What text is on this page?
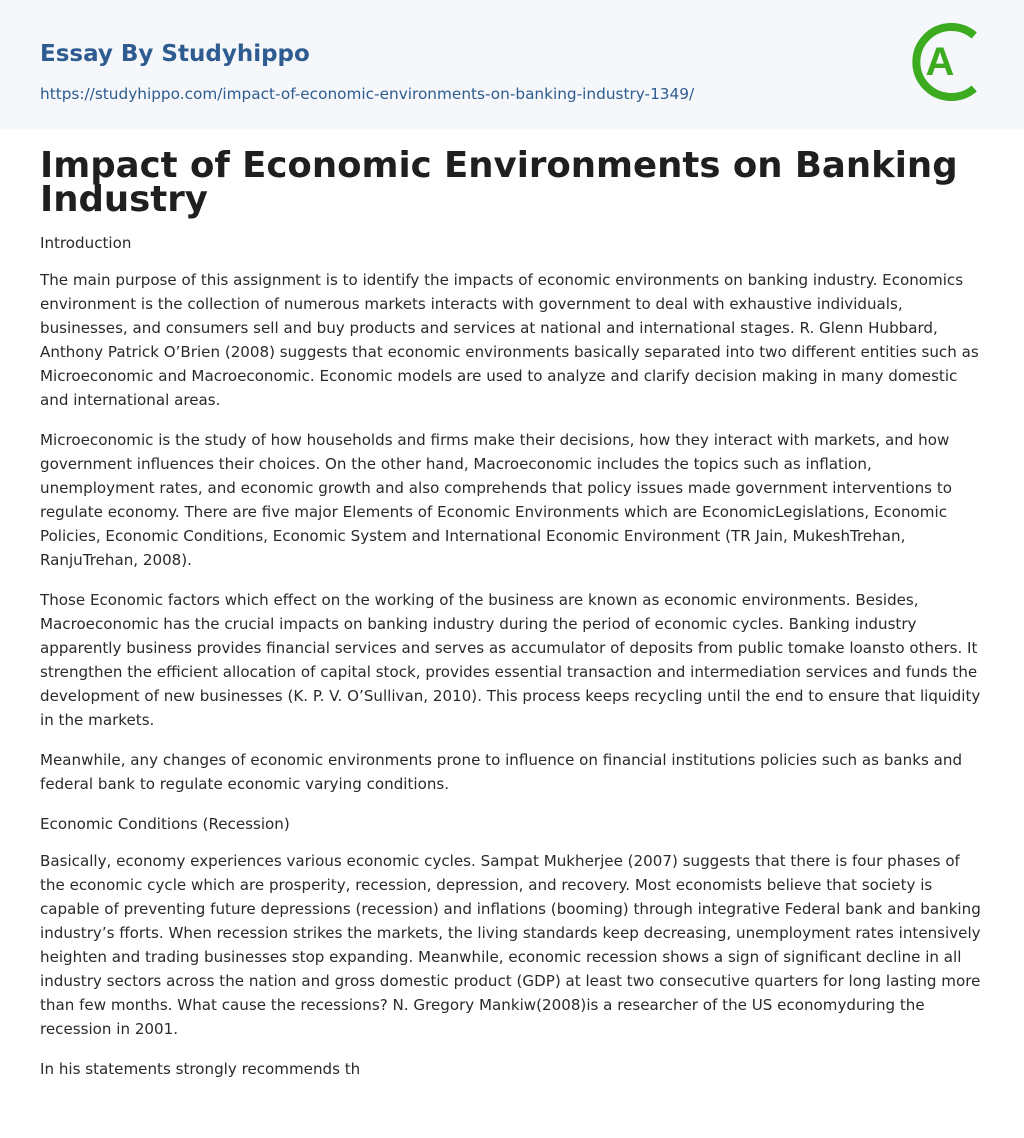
Essay By Studyhippo
https://studyhippo.com/impact-of-economic-environments-on-banking-industry-1349/
A
Impact of Economic Environments on Banking Industry

Introduction

The main purpose of this assignment is to identify the impacts of economic environments on banking industry. Economics environment is the collection of numerous markets interacts with government to deal with exhaustive individuals, businesses, and consumers sell and buy products and services at national and international stages. R. Glenn Hubbard, Anthony Patrick O’Brien (2008) suggests that economic environments basically separated into two different entities such as Microeconomic and Macroeconomic. Economic models are used to analyze and clarify decision making in many domestic and international areas.

Microeconomic is the study of how households and firms make their decisions, how they interact with markets, and how government influences their choices. On the other hand, Macroeconomic includes the topics such as inflation, unemployment rates, and economic growth and also comprehends that policy issues made government interventions to regulate economy. There are five major Elements of Economic Environments which are EconomicLegislations, Economic Policies, Economic Conditions, Economic System and International Economic Environment (TR Jain, MukeshTrehan, RanjuTrehan, 2008).

Those Economic factors which effect on the working of the business are known as economic environments. Besides, Macroeconomic has the crucial impacts on banking industry during the period of economic cycles. Banking industry apparently business provides financial services and serves as accumulator of deposits from public tomake loansto others. It strengthen the efficient allocation of capital stock, provides essential transaction and intermediation services and funds the development of new businesses (K. P. V. O’Sullivan, 2010). This process keeps recycling until the end to ensure that liquidity in the markets.

Meanwhile, any changes of economic environments prone to influence on financial institutions policies such as banks and federal bank to regulate economic varying conditions.

Economic Conditions (Recession)

Basically, economy experiences various economic cycles. Sampat Mukherjee (2007) suggests that there is four phases of the economic cycle which are prosperity, recession, depression, and recovery. Most economists believe that society is capable of preventing future depressions (recession) and inflations (booming) through integrative Federal bank and banking industry’s fforts. When recession strikes the markets, the living standards keep decreasing, unemployment rates intensively heighten and trading businesses stop expanding. Meanwhile, economic recession shows a sign of significant decline in all industry sectors across the nation and gross domestic product (GDP) at least two consecutive quarters for long lasting more than few months. What cause the recessions? N. Gregory Mankiw(2008)is a researcher of the US economyduring the recession in 2001.

In his statements strongly recommends th
